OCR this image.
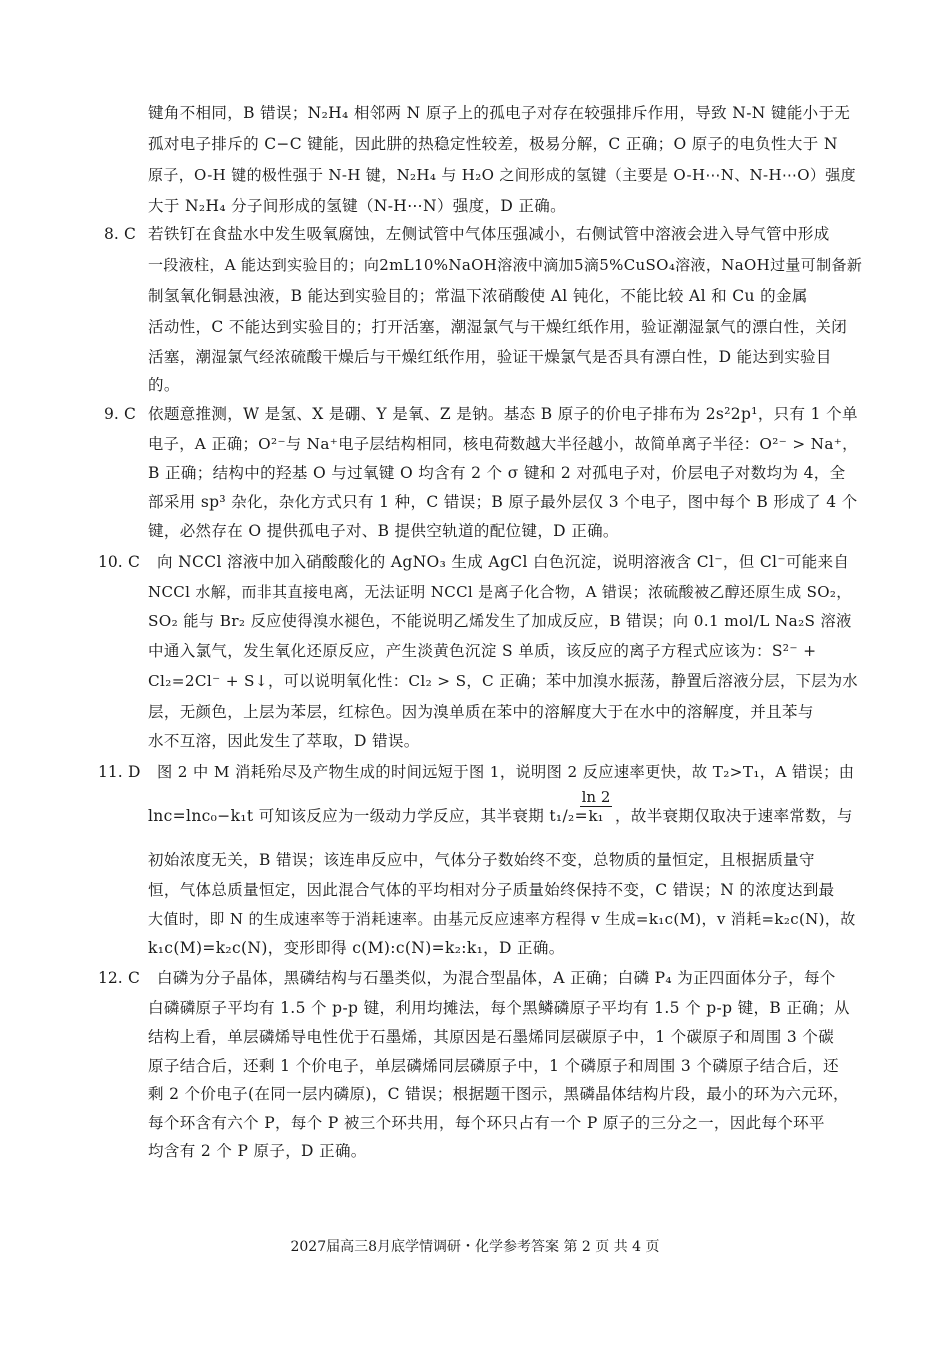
键角不相同，B 错误；N₂H₄ 相邻两 N 原子上的孤电子对存在较强排斥作用，导致 N-N 键能小于无
孤对电子排斥的 C−C 键能，因此肼的热稳定性较差，极易分解，C 正确；O 原子的电负性大于 N
原子，O-H 键的极性强于 N-H 键，N₂H₄ 与 H₂O 之间形成的氢键（主要是 O-H⋯N、N-H⋯O）强度
大于 N₂H₄ 分子间形成的氢键（N-H⋯N）强度，D 正确。
8. C 若铁钉在食盐水中发生吸氧腐蚀，左侧试管中气体压强减小，右侧试管中溶液会进入导气管中形成
一段液柱，A 能达到实验目的；向2mL10%NaOH溶液中滴加5滴5%CuSO₄溶液，NaOH过量可制备新
制氢氧化铜悬浊液，B 能达到实验目的；常温下浓硝酸使 Al 钝化，不能比较 Al 和 Cu 的金属
活动性，C 不能达到实验目的；打开活塞，潮湿氯气与干燥红纸作用，验证潮湿氯气的漂白性，关闭
活塞，潮湿氯气经浓硫酸干燥后与干燥红纸作用，验证干燥氯气是否具有漂白性，D 能达到实验目
的。
9. C 依题意推测，W 是氢、X 是硼、Y 是氧、Z 是钠。基态 B 原子的价电子排布为 2s²2p¹，只有 1 个单
电子，A 正确；O²⁻与 Na⁺电子层结构相同，核电荷数越大半径越小，故简单离子半径：O²⁻ > Na⁺，
B 正确；结构中的羟基 O 与过氧键 O 均含有 2 个 σ 键和 2 对孤电子对，价层电子对数均为 4，全
部采用 sp³ 杂化，杂化方式只有 1 种，C 错误；B 原子最外层仅 3 个电子，图中每个 B 形成了 4 个
键，必然存在 O 提供孤电子对、B 提供空轨道的配位键，D 正确。
10. C 向 NCCl 溶液中加入硝酸酸化的 AgNO₃ 生成 AgCl 白色沉淀，说明溶液含 Cl⁻，但 Cl⁻可能来自
NCCl 水解，而非其直接电离，无法证明 NCCl 是离子化合物，A 错误；浓硫酸被乙醇还原生成 SO₂，
SO₂ 能与 Br₂ 反应使得溴水褪色，不能说明乙烯发生了加成反应，B 错误；向 0.1 mol/L Na₂S 溶液
中通入氯气，发生氧化还原反应，产生淡黄色沉淀 S 单质，该反应的离子方程式应该为：S²⁻ +
Cl₂=2Cl⁻ + S↓，可以说明氧化性：Cl₂ > S，C 正确；苯中加溴水振荡，静置后溶液分层，下层为水
层，无颜色，上层为苯层，红棕色。因为溴单质在苯中的溶解度大于在水中的溶解度，并且苯与
水不互溶，因此发生了萃取，D 错误。
11. D 图 2 中 M 消耗殆尽及产物生成的时间远短于图 1，说明图 2 反应速率更快，故 T₂>T₁，A 错误；由
lnc=lnc₀−k₁t 可知该反应为一级动力学反应，其半衰期 t₁/₂=
$\frac{\ln 2}{\text{k₁}}$ ，故半衰期仅取决于速率常数，与
初始浓度无关，B 错误；该连串反应中，气体分子数始终不变，总物质的量恒定，且根据质量守
恒，气体总质量恒定，因此混合气体的平均相对分子质量始终保持不变，C 错误；N 的浓度达到最
大值时，即 N 的生成速率等于消耗速率。由基元反应速率方程得 v 生成=k₁c(M)，v 消耗=k₂c(N)，故
k₁c(M)=k₂c(N)，变形即得 c(M):c(N)=k₂:k₁，D 正确。
12. C 白磷为分子晶体，黑磷结构与石墨类似，为混合型晶体，A 正确；白磷 P₄ 为正四面体分子，每个
白磷磷原子平均有 1.5 个 p-p 键，利用均摊法，每个黑鳞磷原子平均有 1.5 个 p-p 键，B 正确；从
结构上看，单层磷烯导电性优于石墨烯，其原因是石墨烯同层碳原子中，1 个碳原子和周围 3 个碳
原子结合后，还剩 1 个价电子，单层磷烯同层磷原子中，1 个磷原子和周围 3 个磷原子结合后，还
剩 2 个价电子(在同一层内磷原)，C 错误；根据题干图示，黑磷晶体结构片段，最小的环为六元环，
每个环含有六个 P，每个 P 被三个环共用，每个环只占有一个 P 原子的三分之一，因此每个环平
均含有 2 个 P 原子，D 正确。
2027届高三8月底学情调研・化学参考答案 第 2 页 共 4 页
